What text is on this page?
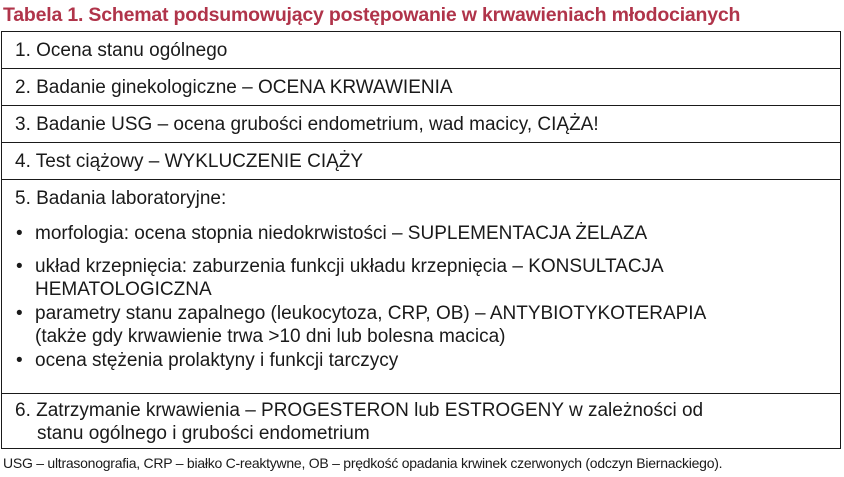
Tabela 1. Schemat podsumowujący postępowanie w krwawieniach młodocianych
1. Ocena stanu ogólnego
2. Badanie ginekologiczne – OCENA KRWAWIENIA
3. Badanie USG – ocena grubości endometrium, wad macicy, CIĄŻA!
4. Test ciążowy – WYKLUCZENIE CIĄŻY
5. Badania laboratoryjne:
• morfologia: ocena stopnia niedokrwistości – SUPLEMENTACJA ŻELAZA
• układ krzepnięcia: zaburzenia funkcji układu krzepnięcia – KONSULTACJA
HEMATOLOGICZNA
• parametry stanu zapalnego (leukocytoza, CRP, OB) – ANTYBIOTYKOTERAPIA
(także gdy krwawienie trwa >10 dni lub bolesna macica)
• ocena stężenia prolaktyny i funkcji tarczycy
6. Zatrzymanie krwawienia – PROGESTERON lub ESTROGENY w zależności od
stanu ogólnego i grubości endometrium
USG – ultrasonografia, CRP – białko C-reaktywne, OB – prędkość opadania krwinek czerwonych (odczyn Biernackiego).
